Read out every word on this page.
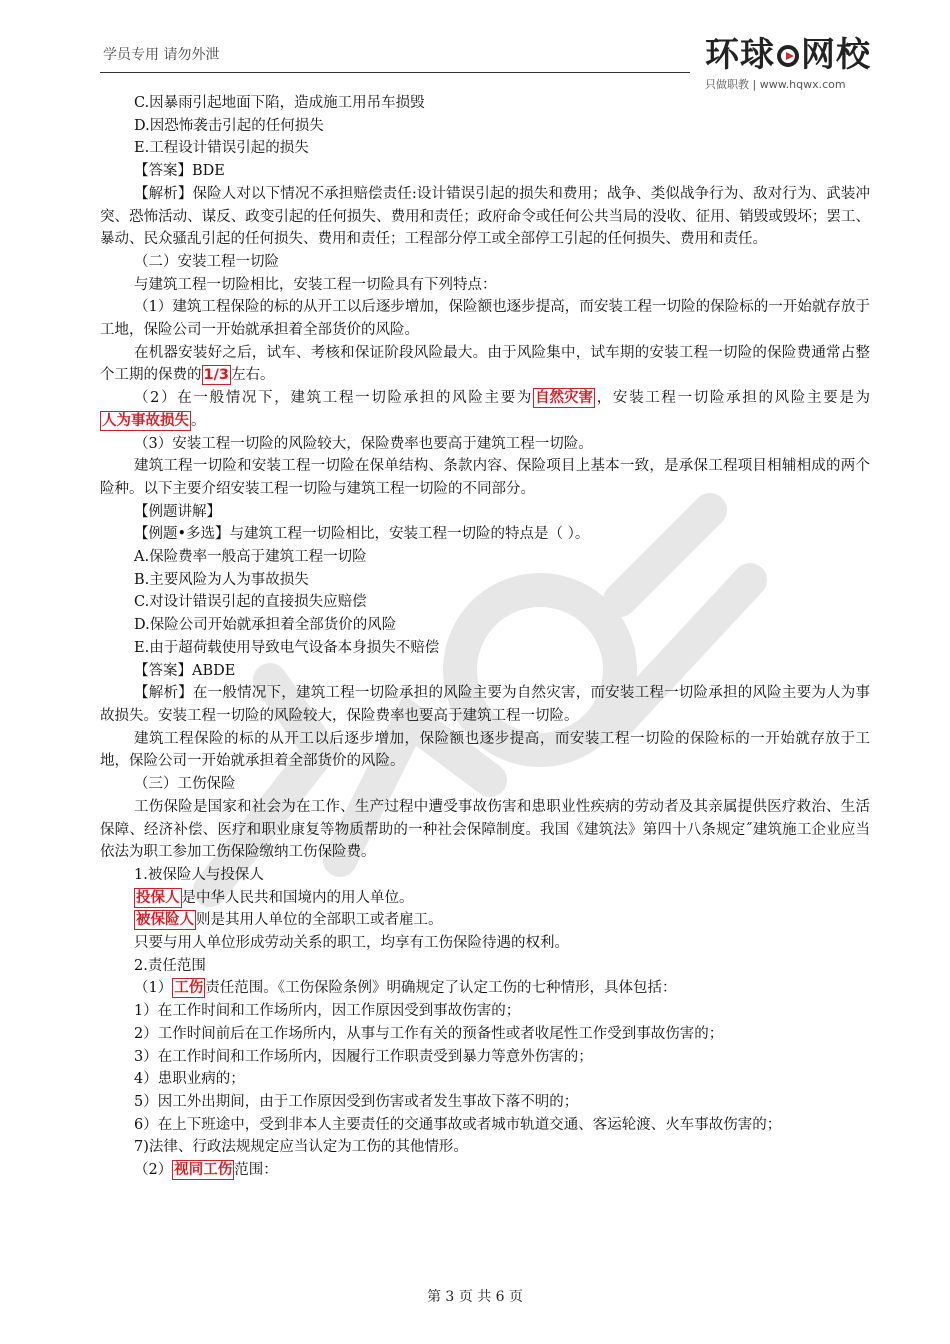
学员专用 请勿外泄	环球 网校
只做职教 | www.hqwx.com

C.因暴雨引起地面下陷，造成施工用吊车损毁

D.因恐怖袭击引起的任何损失

E.工程设计错误引起的损失

【答案】BDE

【解析】保险人对以下情况不承担赔偿责任:设计错误引起的损失和费用；战争、类似战争行为、敌对行为、武装冲突、恐怖活动、谋反、政变引起的任何损失、费用和责任；政府命令或任何公共当局的没收、征用、销毁或毁坏；罢工、暴动、民众骚乱引起的任何损失、费用和责任；工程部分停工或全部停工引起的任何损失、费用和责任。

（二）安装工程一切险

与建筑工程一切险相比，安装工程一切险具有下列特点：

（1）建筑工程保险的标的从开工以后逐步增加，保险额也逐步提高，而安装工程一切险的保险标的一开始就存放于工地，保险公司一开始就承担着全部货价的风险。

在机器安装好之后，试车、考核和保证阶段风险最大。由于风险集中，试车期的安装工程一切险的保险费通常占整个工期的保费的 1/3 左右。

（2）在一般情况下，建筑工程一切险承担的风险主要为 自然灾害 ，安装工程一切险承担的风险主要是为人为事故损失 。

（3）安装工程一切险的风险较大，保险费率也要高于建筑工程一切险。

建筑工程一切险和安装工程一切险在保单结构、条款内容、保险项目上基本一致，是承保工程项目相辅相成的两个险种。以下主要介绍安装工程一切险与建筑工程一切险的不同部分。

【例题讲解】

【例题•多选】与建筑工程一切险相比，安装工程一切险的特点是（ ）。

A.保险费率一般高于建筑工程一切险

B.主要风险为人为事故损失

C.对设计错误引起的直接损失应赔偿

D.保险公司开始就承担着全部货价的风险

E.由于超荷载使用导致电气设备本身损失不赔偿

【答案】ABDE

【解析】在一般情况下，建筑工程一切险承担的风险主要为自然灾害，而安装工程一切险承担的风险主要为人为事故损失。安装工程一切险的风险较大，保险费率也要高于建筑工程一切险。

建筑工程保险的标的从开工以后逐步增加，保险额也逐步提高，而安装工程一切险的保险标的一开始就存放于工地，保险公司一开始就承担着全部货价的风险。

（三）工伤保险

工伤保险是国家和社会为在工作、生产过程中遭受事故伤害和患职业性疾病的劳动者及其亲属提供医疗救治、生活保障、经济补偿、医疗和职业康复等物质帮助的一种社会保障制度。我国《建筑法》第四十八条规定˝建筑施工企业应当依法为职工参加工伤保险缴纳工伤保险费。

1.被保险人与投保人

投保人 是中华人民共和国境内的用人单位。

被保险人 则是其用人单位的全部职工或者雇工。

只要与用人单位形成劳动关系的职工，均享有工伤保险待遇的权利。

2.责任范围

（1） 工伤 责任范围。《工伤保险条例》明确规定了认定工伤的七种情形，具体包括：

1）在工作时间和工作场所内，因工作原因受到事故伤害的；

2）工作时间前后在工作场所内，从事与工作有关的预备性或者收尾性工作受到事故伤害的；

3）在工作时间和工作场所内，因履行工作职责受到暴力等意外伤害的；

4）患职业病的；

5）因工外出期间，由于工作原因受到伤害或者发生事故下落不明的；

6）在上下班途中，受到非本人主要责任的交通事故或者城市轨道交通、客运轮渡、火车事故伤害的；

7)法律、行政法规规定应当认定为工伤的其他情形。

（2） 视同工伤 范围：

第 3 页 共 6 页
